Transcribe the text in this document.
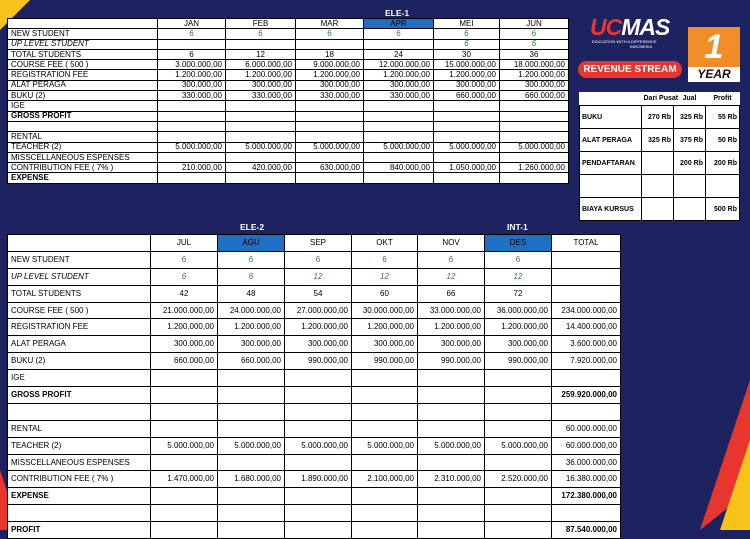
ELE-1
	JAN	FEB	MAR	APR	MEI	JUN
NEW STUDENT	6	6	6	6	6	6
UP LEVEL STUDENT					6	6
TOTAL STUDENTS	6	12	18	24	30	36
COURSE FEE ( 500 )	3.000.000,00	6.000.000,00	9.000.000,00	12.000.000,00	15.000.000,00	18.000.000,00
REGISTRATION FEE	1.200.000,00	1.200.000,00	1.200.000,00	1.200.000,00	1.200.000,00	1.200.000,00
ALAT PERAGA	300.000,00	300.000,00	300.000,00	300.000,00	300.000,00	300.000,00
BUKU (2)	330.000,00	330.000,00	330.000,00	330.000,00	660.000,00	660.000,00
IGE						
GROSS PROFIT						

RENTAL						
TEACHER (2)	5.000.000,00	5.000.000,00	5.000.000,00	5.000.000,00	5.000.000,00	5.000.000,00
MISSCELLANEOUS ESPENSES						
CONTRIBUTION FEE ( 7% )	210.000,00	420.000,00	630.000,00	840.000,00	1.050.000,00	1.260.000,00
EXPENSE						
UCMAS
EDUCATION WITH A DIFFERENCE
INDONESIA	1
YEAR
REVENUE STREAM
	Dari Pusat	Jual	Profit
BUKU	270 Rb	325 Rb	55 Rb
ALAT PERAGA	325 Rb	375 Rb	50 Rb
PENDAFTARAN		200 Rb	200 Rb

BIAYA KURSUS			500 Rb
ELE-2	INT-1
	JUL	AGU	SEP	OKT	NOV	DES	TOTAL
NEW STUDENT	6	6	6	6	6	6	
UP LEVEL STUDENT	6	6	12	12	12	12	
TOTAL STUDENTS	42	48	54	60	66	72	
COURSE FEE ( 500 )	21.000.000,00	24.000.000,00	27.000.000,00	30.000.000,00	33.000.000,00	36.000.000,00	234.000.000,00
REGISTRATION FEE	1.200.000,00	1.200.000,00	1.200.000,00	1.200.000,00	1.200.000,00	1.200.000,00	14.400.000,00
ALAT PERAGA	300.000,00	300.000,00	300.000,00	300.000,00	300.000,00	300.000,00	3.600.000,00
BUKU (2)	660.000,00	660.000,00	990.000,00	990.000,00	990.000,00	990.000,00	7.920.000,00
IGE							
GROSS PROFIT							259.920.000,00

RENTAL							60.000.000,00
TEACHER (2)	5.000.000,00	5.000.000,00	5.000.000,00	5.000.000,00	5.000.000,00	5.000.000,00	60.000.000,00
MISSCELLANEOUS ESPENSES							36.000.000,00
CONTRIBUTION FEE ( 7% )	1.470.000,00	1.680.000,00	1.890.000,00	2.100.000,00	2.310.000,00	2.520.000,00	16.380.000,00
EXPENSE							172.380.000,00

PROFIT							87.540.000,00
